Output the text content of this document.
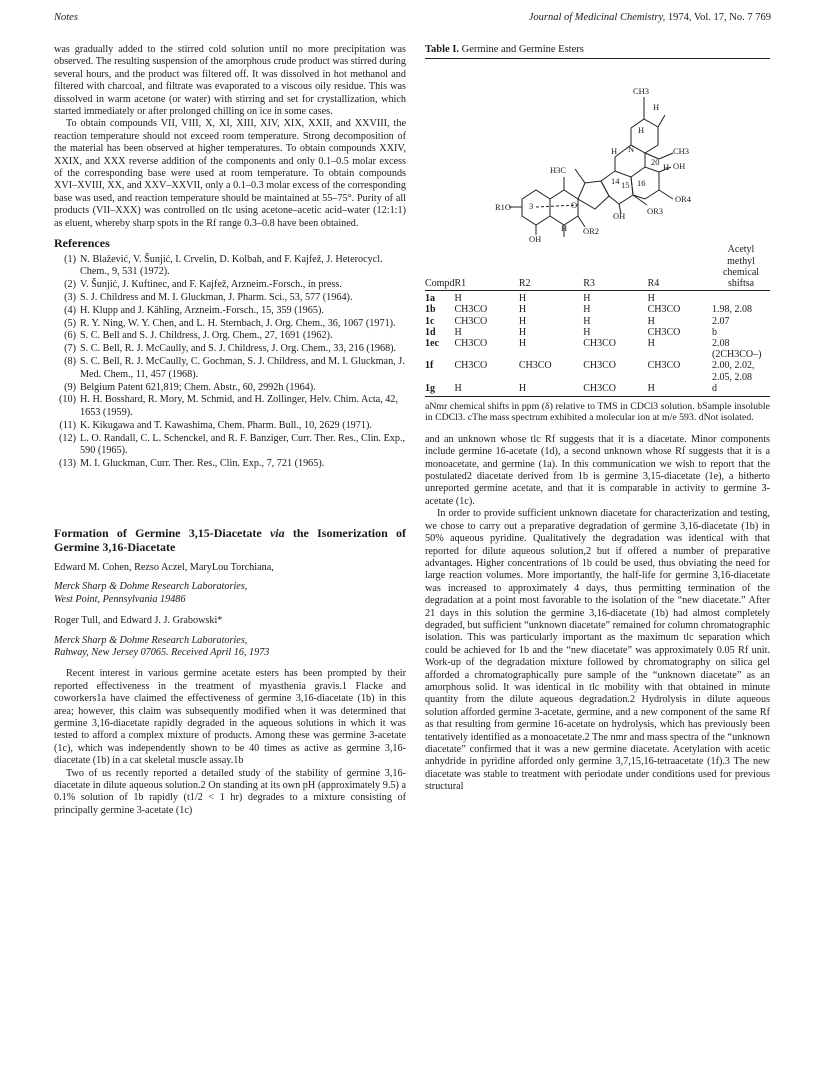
Notes	Journal of Medicinal Chemistry, 1974, Vol. 17, No. 7 769

was gradually added to the stirred cold solution until no more precipitation was observed. The resulting suspension of the amorphous crude product was stirred during several hours, and the product was filtered off. It was dissolved in hot methanol and filtered with charcoal, and filtrate was evaporated to a viscous oily residue. This was dissolved in warm acetone (or water) with stirring and set for crystallization, which started immediately or after prolonged chilling on ice in some cases.

To obtain compounds VII, VIII, X, XI, XIII, XIV, XIX, XXII, and XXVIII, the reaction temperature should not exceed room temperature. Strong decomposition of the material has been observed at higher temperatures. To obtain compounds XXIV, XXIX, and XXX reverse addition of the components and only 0.1–0.5 molar excess of the corresponding base were used at room temperature. To obtain compounds XVI–XVIII, XX, and XXV–XXVII, only a 0.1–0.3 molar excess of the corresponding base was used, and reaction temperature should be maintained at 55–75°. Purity of all products (VII–XXX) was controlled on tlc using acetone–acetic acid–water (12:1:1) as eluent, whereby sharp spots in the Rf range 0.3–0.8 have been obtained.

References
(1) N. Blažević, V. Šunjić, I. Crvelin, D. Kolbah, and F. Kajfež, J. Heterocycl. Chem., 9, 531 (1972).
(2) V. Šunjić, J. Kuftinec, and F. Kajfež, Arzneim.-Forsch., in press.
(3) S. J. Childress and M. I. Gluckman, J. Pharm. Sci., 53, 577 (1964).
(4) H. Klupp and J. Kähling, Arzneim.-Forsch., 15, 359 (1965).
(5) R. Y. Ning, W. Y. Chen, and L. H. Sternbach, J. Org. Chem., 36, 1067 (1971).
(6) S. C. Bell and S. J. Childress, J. Org. Chem., 27, 1691 (1962).
(7) S. C. Bell, R. J. McCaully, and S. J. Childress, J. Org. Chem., 33, 216 (1968).
(8) S. C. Bell, R. J. McCaully, C. Gochman, S. J. Childress, and M. I. Gluckman, J. Med. Chem., 11, 457 (1968).
(9) Belgium Patent 621,819; Chem. Abstr., 60, 2992h (1964).
(10) H. H. Bosshard, R. Mory, M. Schmid, and H. Zollinger, Helv. Chim. Acta, 42, 1653 (1959).
(11) K. Kikugawa and T. Kawashima, Chem. Pharm. Bull., 10, 2629 (1971).
(12) L. O. Randall, C. L. Schenckel, and R. F. Banziger, Curr. Ther. Res., Clin. Exp., 590 (1965).
(13) M. I. Gluckman, Curr. Ther. Res., Clin. Exp., 7, 721 (1965).
Formation of Germine 3,15-Diacetate via the Isomerization of Germine 3,16-Diacetate
Edward M. Cohen, Rezso Aczel, MaryLou Torchiana,
Merck Sharp & Dohme Research Laboratories,
West Point, Pennsylvania 19486
Roger Tull, and Edward J. J. Grabowski*
Merck Sharp & Dohme Research Laboratories,
Rahway, New Jersey 07065. Received April 16, 1973

Recent interest in various germine acetate esters has been prompted by their reported effectiveness in the treatment of myasthenia gravis.1 Flacke and coworkers1a have claimed the effectiveness of germine 3,16-diacetate (1b) in this area; however, this claim was subsequently modified when it was determined that germine 3,16-diacetate rapidly degraded in the aqueous solutions in which it was tested to afford a complex mixture of products. Among these was germine 3-acetate (1c), which was independently shown to be 40 times as active as germine 3,16-diacetate (1b) in a cat skeletal muscle assay.1b

Two of us recently reported a detailed study of the stability of germine 3,16-diacetate in dilute aqueous solution.2 On standing at its own pH (approximately 9.5) a 0.1% solution of 1b rapidly (t1/2 < 1 hr) degrades to a mixture consisting of principally germine 3-acetate (1c)

Table I. Germine and Germine Esters
CH3
H
H
N
H	CH3
20 H OH
H3C
14 15 16
OR4
3	O
OH	OR3
R1O
H OR2
OH
					Acetyl
					methyl
					chemical
Compd	R1	R2	R3	R4	shiftsa
1a	H	H	H	H	
1b	CH3CO	H	H	CH3CO	1.98, 2.08
1c	CH3CO	H	H	H	2.07
1d	H	H	H	CH3CO	b
1ec	CH3CO	H	CH3CO	H	2.08 (2CH3CO–)
1f	CH3CO	CH3CO	CH3CO	CH3CO	2.00, 2.02, 2.05, 2.08
1g	H	H	CH3CO	H	d
aNmr chemical shifts in ppm (δ) relative to TMS in CDCl3 solution. bSample insoluble in CDCl3. cThe mass spectrum exhibited a molecular ion at m/e 593. dNot isolated.

and an unknown whose tlc Rf suggests that it is a diacetate. Minor components include germine 16-acetate (1d), a second unknown whose Rf suggests that it is a monoacetate, and germine (1a). In this communication we wish to report that the postulated2 diacetate derived from 1b is germine 3,15-diacetate (1e), a hitherto unreported germine acetate, and that it is comparable in activity to germine 3-acetate (1c).

In order to provide sufficient unknown diacetate for characterization and testing, we chose to carry out a preparative degradation of germine 3,16-diacetate (1b) in 50% aqueous pyridine. Qualitatively the degradation was identical with that reported for dilute aqueous solution,2 but if offered a number of preparative advantages. Higher concentrations of 1b could be used, thus obviating the need for large reaction volumes. More importantly, the half-life for germine 3,16-diacetate was increased to approximately 4 days, thus permitting termination of the degradation at a point most favorable to the isolation of the “new diacetate.” After 21 days in this solution the germine 3,16-diacetate (1b) had almost completely degraded, but sufficient “unknown diacetate” remained for column chromatographic isolation. This was particularly important as the maximum tlc separation which could be achieved for 1b and the “new diacetate” was approximately 0.05 Rf unit. Work-up of the degradation mixture followed by chromatography on silica gel afforded a chromatographically pure sample of the “unknown diacetate” as an amorphous solid. It was identical in tlc mobility with that obtained in minute quantity from the dilute aqueous degradation.2 Hydrolysis in dilute aqueous solution afforded germine 3-acetate, germine, and a new component of the same Rf as that resulting from germine 16-acetate on hydrolysis, which has previously been tentatively identified as a monoacetate.2 The nmr and mass spectra of the “unknown diacetate” confirmed that it was a new germine diacetate. Acetylation with acetic anhydride in pyridine afforded only germine 3,7,15,16-tetraacetate (1f).3 The new diacetate was stable to treatment with periodate under conditions used for previous structural
